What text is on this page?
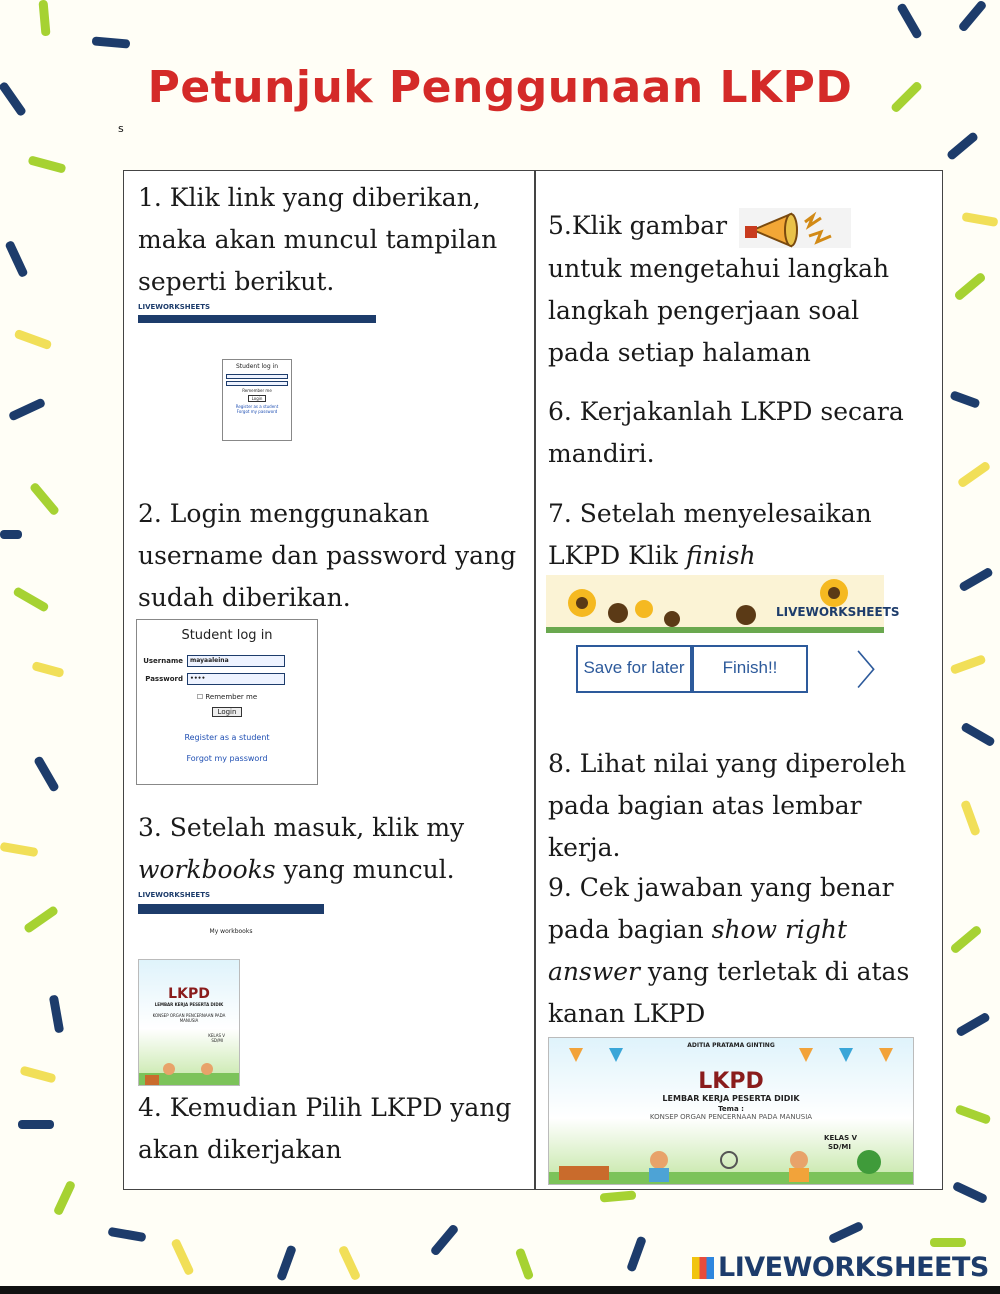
Petunjuk Penggunaan LKPD
s
1. Klik link yang diberikan, maka akan muncul tampilan seperti berikut.
LIVEWORKSHEETS
Student log in
Remember me
Login
Register as a student
Forgot my password
2. Login menggunakan username dan password yang sudah diberikan.
Student log in
Username	mayaaleina
Password	••••
☐ Remember me
Login
Register as a student
Forgot my password
3. Setelah masuk, klik my workbooks yang muncul.
LIVEWORKSHEETS
My workbooks
LKPD
LEMBAR KERJA PESERTA DIDIK
KONSEP ORGAN PENCERNAAN PADA MANUSIA
KELAS V
SD/MI
4. Kemudian Pilih LKPD yang akan dikerjakan
5.Klik gambar  untuk mengetahui langkah langkah pengerjaan soal pada setiap halaman
6. Kerjakanlah LKPD secara mandiri.
7. Setelah menyelesaikan LKPD Klik finish
LIVEWORKSHEETS
Save for later	Finish!!	〉
8. Lihat nilai yang diperoleh pada bagian atas lembar kerja.
9. Cek jawaban yang benar pada bagian show right answer yang terletak di atas kanan LKPD
ADITIA PRATAMA GINTING
LKPD
LEMBAR KERJA PESERTA DIDIK
Tema :
KONSEP ORGAN PENCERNAAN PADA MANUSIA
KELAS V
SD/MI
LIVEWORKSHEETS
